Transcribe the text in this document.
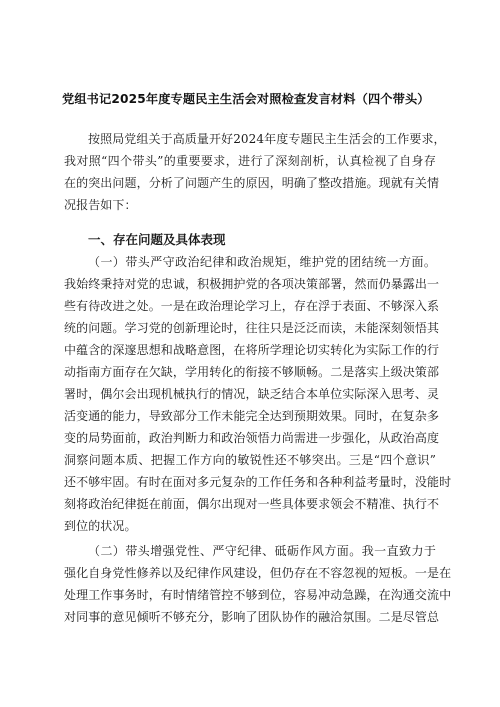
党组书记2025年度专题民主生活会对照检查发言材料（四个带头）
按照局党组关于高质量开好2024年度专题民主生活会的工作要求，
我对照“四个带头”的重要要求，进行了深刻剖析，认真检视了自身存
在的突出问题，分析了问题产生的原因，明确了整改措施。现就有关情
况报告如下：
一、存在问题及具体表现
（一）带头严守政治纪律和政治规矩，维护党的团结统一方面。
我始终秉持对党的忠诚，积极拥护党的各项决策部署，然而仍暴露出一
些有待改进之处。一是在政治理论学习上，存在浮于表面、不够深入系
统的问题。学习党的创新理论时，往往只是泛泛而读，未能深刻领悟其
中蕴含的深邃思想和战略意图，在将所学理论切实转化为实际工作的行
动指南方面存在欠缺，学用转化的衔接不够顺畅。二是落实上级决策部
署时，偶尔会出现机械执行的情况，缺乏结合本单位实际深入思考、灵
活变通的能力，导致部分工作未能完全达到预期效果。同时，在复杂多
变的局势面前，政治判断力和政治领悟力尚需进一步强化，从政治高度
洞察问题本质、把握工作方向的敏锐性还不够突出。三是“四个意识”
还不够牢固。有时在面对多元复杂的工作任务和各种利益考量时，没能时
刻将政治纪律挺在前面，偶尔出现对一些具体要求领会不精准、执行不
到位的状况。
（二）带头增强党性、严守纪律、砥砺作风方面。我一直致力于
强化自身党性修养以及纪律作风建设，但仍存在不容忽视的短板。一是在
处理工作事务时，有时情绪管控不够到位，容易冲动急躁，在沟通交流中
对同事的意见倾听不够充分，影响了团队协作的融洽氛围。二是尽管总
